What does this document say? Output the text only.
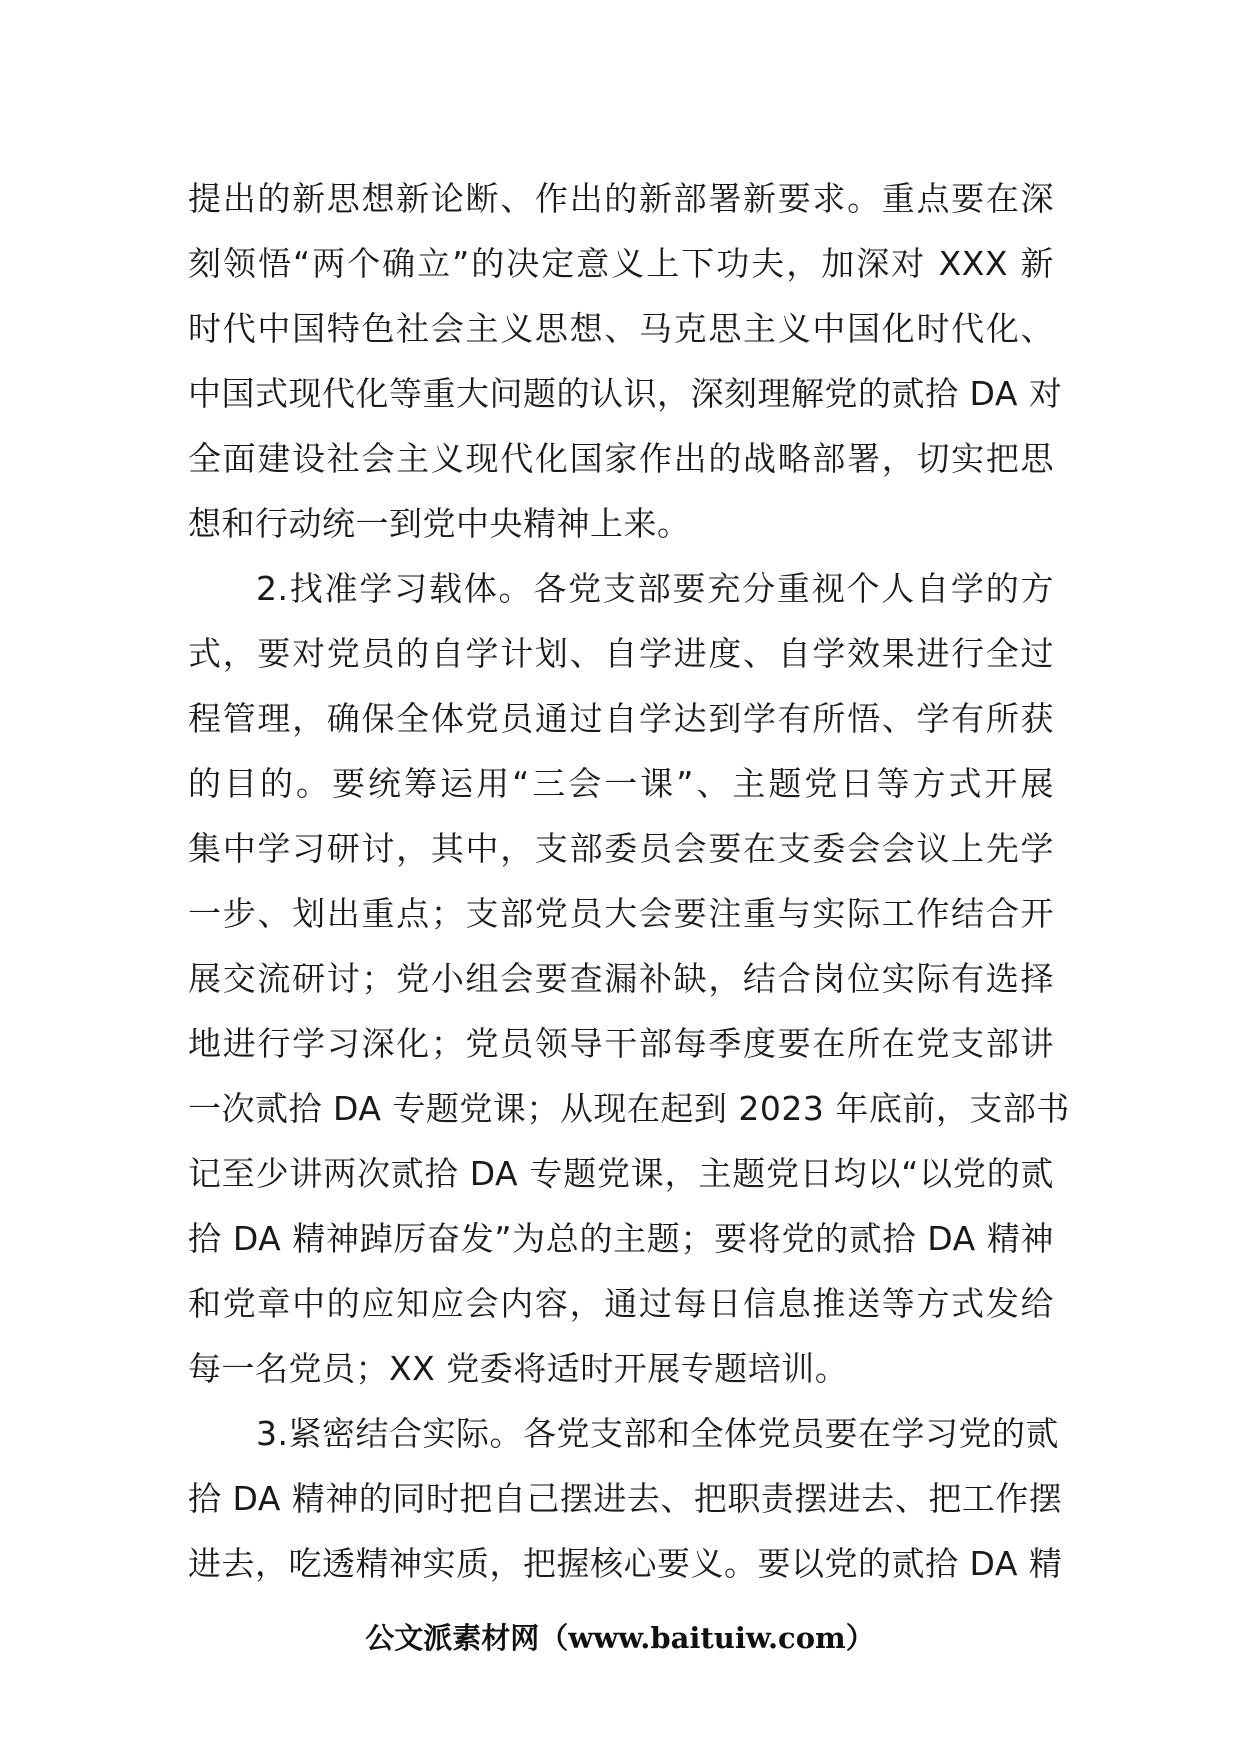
提出的新思想新论断、作出的新部署新要求。重点要在深
刻领悟“两个确立”的决定意义上下功夫，加深对 XXX 新
时代中国特色社会主义思想、马克思主义中国化时代化、
中国式现代化等重大问题的认识，深刻理解党的贰拾 DA 对
全面建设社会主义现代化国家作出的战略部署，切实把思
想和行动统一到党中央精神上来。
2.找准学习载体。各党支部要充分重视个人自学的方
式，要对党员的自学计划、自学进度、自学效果进行全过
程管理，确保全体党员通过自学达到学有所悟、学有所获
的目的。要统筹运用“三会一课”、主题党日等方式开展
集中学习研讨，其中，支部委员会要在支委会会议上先学
一步、划出重点；支部党员大会要注重与实际工作结合开
展交流研讨；党小组会要查漏补缺，结合岗位实际有选择
地进行学习深化；党员领导干部每季度要在所在党支部讲
一次贰拾 DA 专题党课；从现在起到 2023 年底前，支部书
记至少讲两次贰拾 DA 专题党课，主题党日均以“以党的贰
拾 DA 精神踔厉奋发”为总的主题；要将党的贰拾 DA 精神
和党章中的应知应会内容，通过每日信息推送等方式发给
每一名党员；XX 党委将适时开展专题培训。
3.紧密结合实际。各党支部和全体党员要在学习党的贰
拾 DA 精神的同时把自己摆进去、把职责摆进去、把工作摆
进去，吃透精神实质，把握核心要义。要以党的贰拾 DA 精
公文派素材网（www.baituiw.com）
